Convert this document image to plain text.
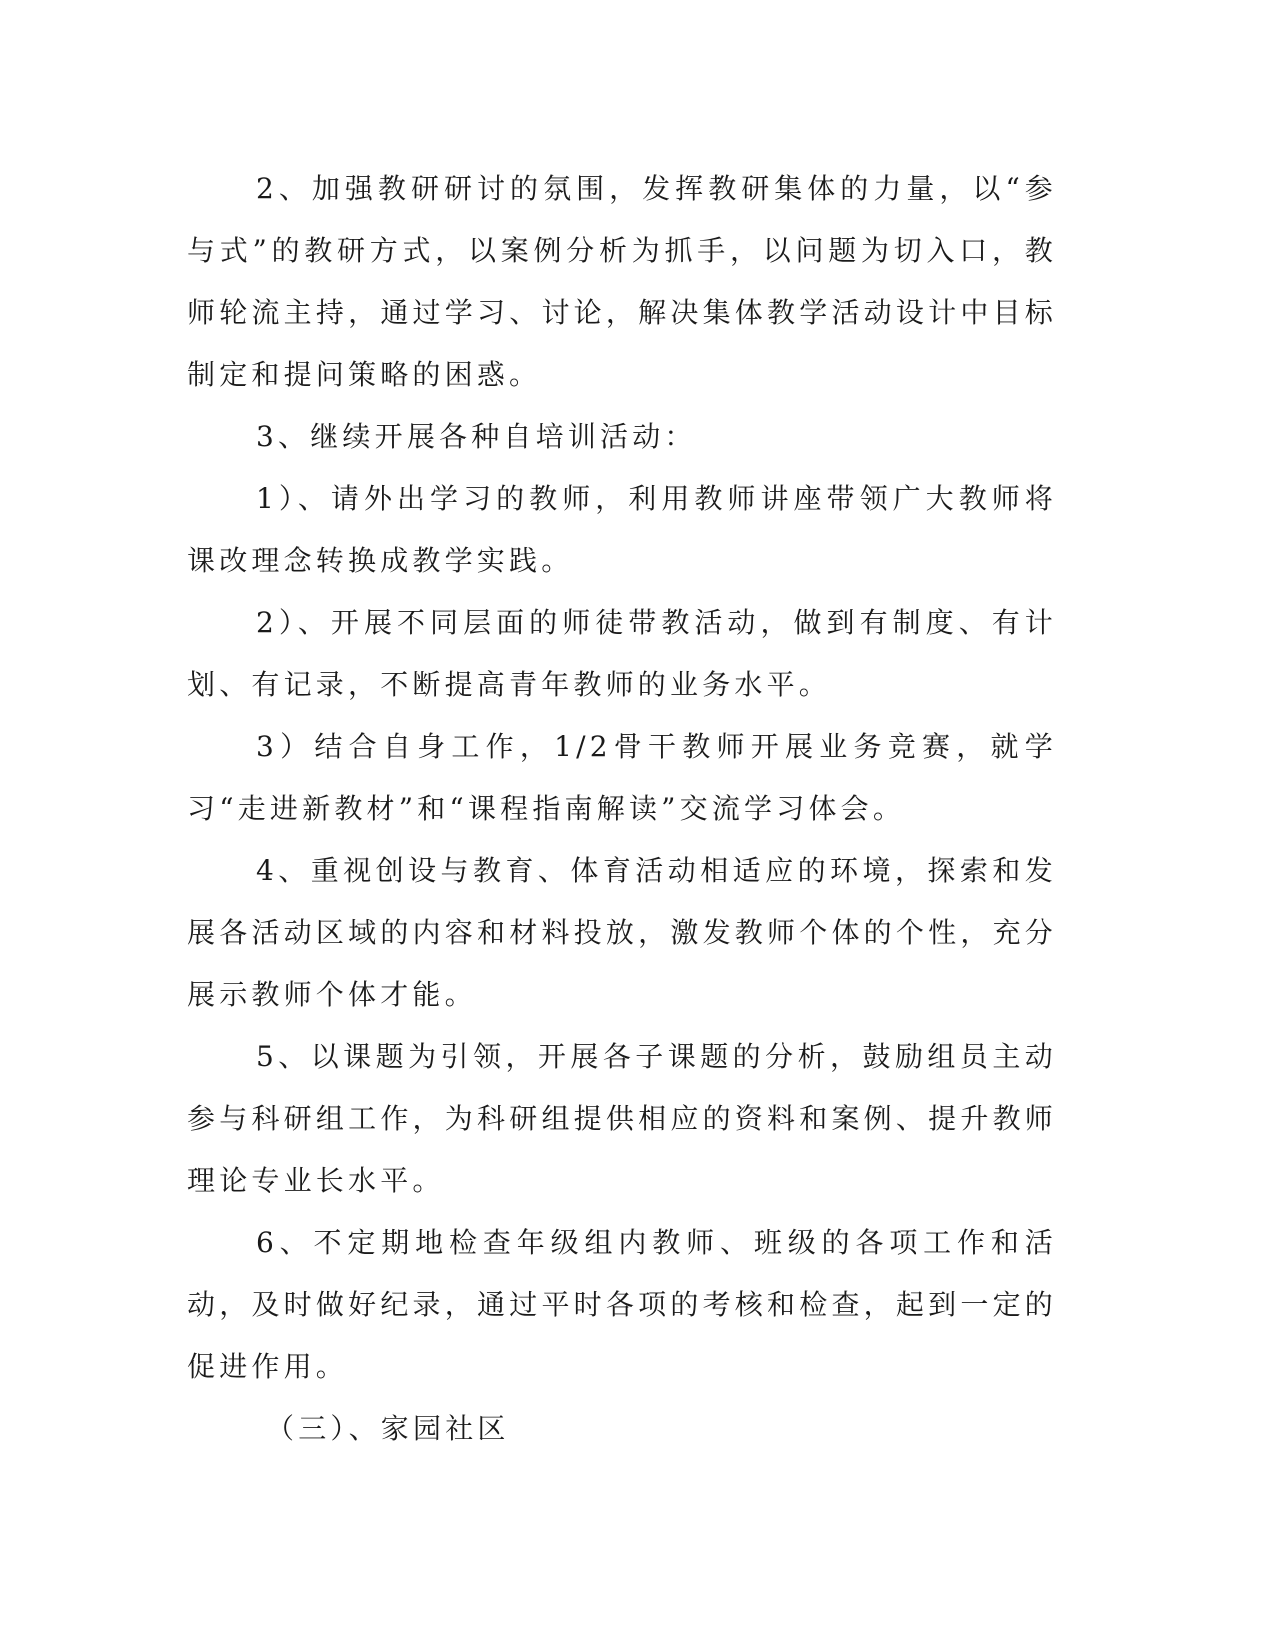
2、加强教研研讨的氛围，发挥教研集体的力量，以“参与式”的教研方式，以案例分析为抓手，以问题为切入口，教师轮流主持，通过学习、讨论，解决集体教学活动设计中目标制定和提问策略的困惑。

3、继续开展各种自培训活动：

1）、请外出学习的教师，利用教师讲座带领广大教师将课改理念转换成教学实践。

2）、开展不同层面的师徒带教活动，做到有制度、有计划、有记录，不断提高青年教师的业务水平。

3）结合自身工作，1/2骨干教师开展业务竞赛，就学习“走进新教材”和“课程指南解读”交流学习体会。

4、重视创设与教育、体育活动相适应的环境，探索和发展各活动区域的内容和材料投放，激发教师个体的个性，充分展示教师个体才能。

5、以课题为引领，开展各子课题的分析，鼓励组员主动参与科研组工作，为科研组提供相应的资料和案例、提升教师理论专业长水平。

6、不定期地检查年级组内教师、班级的各项工作和活动，及时做好纪录，通过平时各项的考核和检查，起到一定的促进作用。

（三）、家园社区
